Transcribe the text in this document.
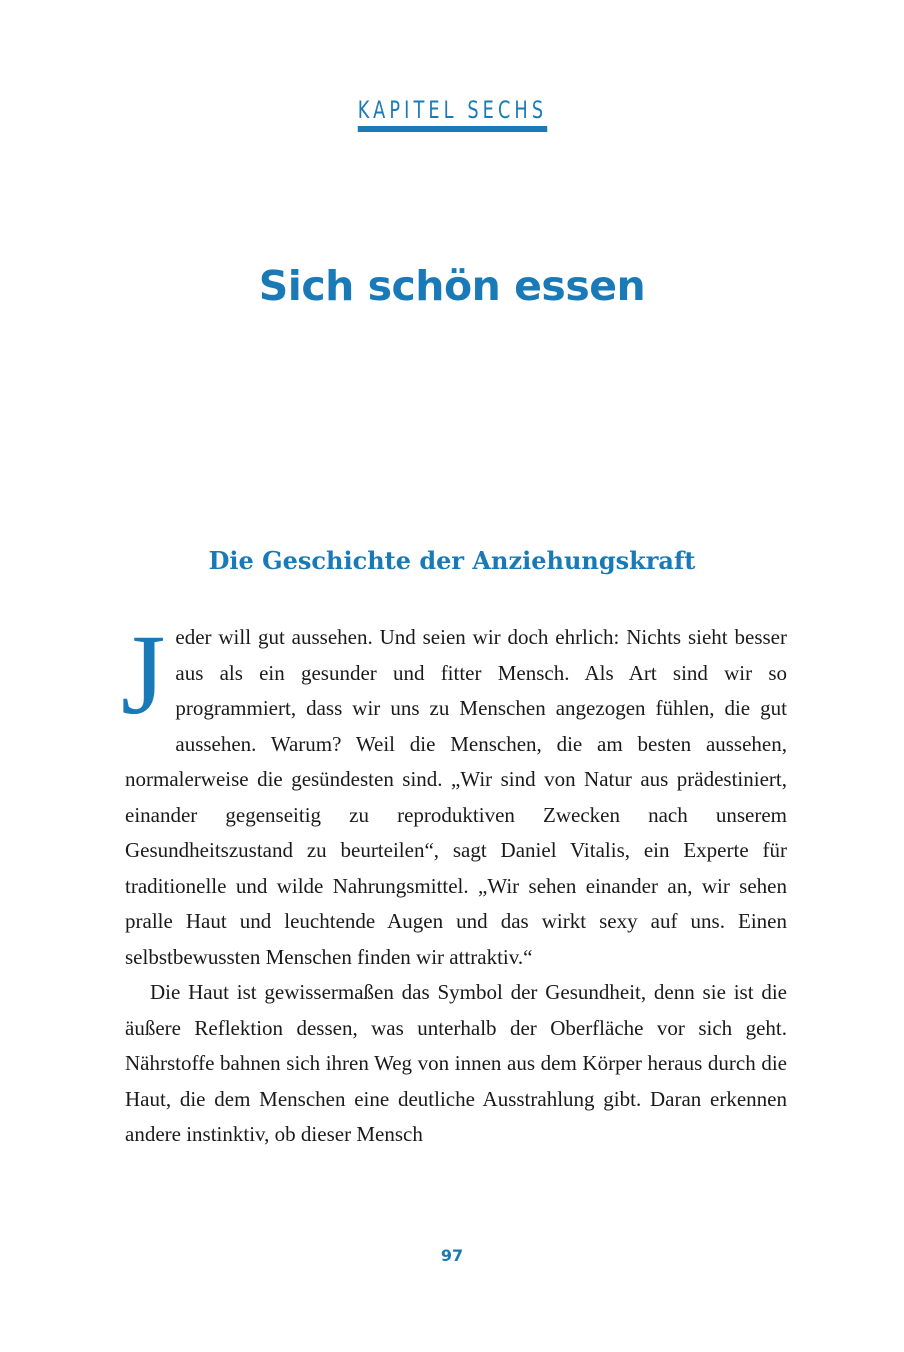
KAPITEL SECHS
Sich schön essen
Die Geschichte der Anziehungskraft

Jeder will gut aussehen. Und seien wir doch ehrlich: Nichts sieht besser aus als ein gesunder und fitter Mensch. Als Art sind wir so programmiert, dass wir uns zu Menschen angezogen fühlen, die gut aussehen. Warum? Weil die Menschen, die am besten aussehen, normalerweise die gesündesten sind. „Wir sind von Natur aus prädestiniert, einander gegenseitig zu reproduktiven Zwecken nach unserem Gesundheitszustand zu beurteilen“, sagt Daniel Vitalis, ein Experte für traditionelle und wilde Nahrungsmittel. „Wir sehen einander an, wir sehen pralle Haut und leuchtende Augen und das wirkt sexy auf uns. Einen selbstbewussten Menschen finden wir attraktiv.“

Die Haut ist gewissermaßen das Symbol der Gesundheit, denn sie ist die äußere Reflektion dessen, was unterhalb der Oberfläche vor sich geht. Nährstoffe bahnen sich ihren Weg von innen aus dem Körper heraus durch die Haut, die dem Menschen eine deutliche Ausstrahlung gibt. Daran erkennen andere instinktiv, ob dieser Mensch

97
